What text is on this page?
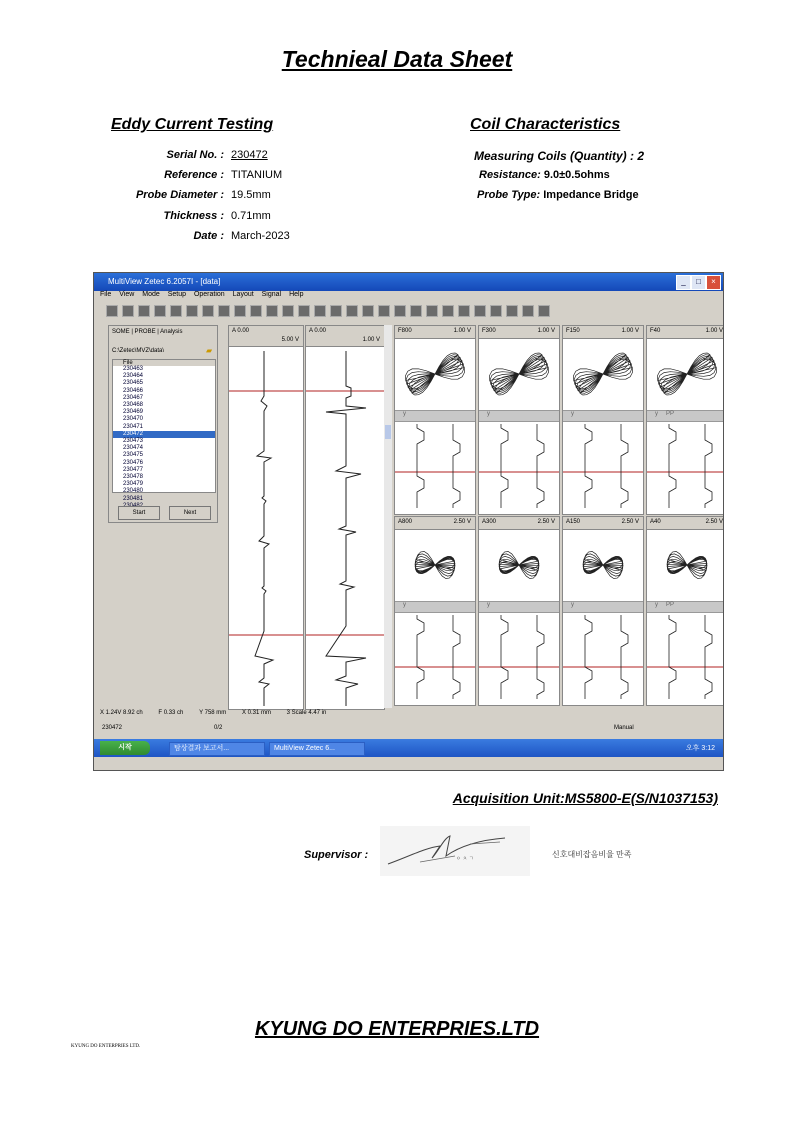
Technieal Data Sheet
Eddy Current Testing
Serial No. : 230472
Reference : TITANIUM
Probe Diameter : 19.5mm
Thickness : 0.71mm
Date : March-2023
Coil Characteristics
Measuring Coils (Quantity) : 2
Resistance: 9.0±0.5ohms
Probe Type: Impedance Bridge
MultiView Zetec 6.2057I - [data]	_	□	×
File View Mode Setup Operation Layout Signal Help
SOME | PROBE | Analysis
C:\Zetec\MVZ\data\	▰
File
230463
230464
230465
230466
230467
230468
230469
230470
230471
230472
230473
230474
230475
230476
230477
230478
230479
230480
230481
Start	Next
A 0.00
5.00 V
A 0.00
1.00 V
X 1.24V 8.92 ch	F 0.33 ch	Y 758 mm	X 0.31 mm	3 Scale 4.47 in
230472	0/2	Manual
시작	탐상결과 보고서...	MultiView Zetec 6...	오후 3:12
F800	1.00 V
y
F300	1.00 V
y
F150	1.00 V
y
F40	1.00 V
y PP
A800	2.50 V
y
A300	2.50 V
y
A150	2.50 V
y
A40	2.50 V
y PP
Acquisition Unit:MS5800-E(S/N1037153)
Supervisor :	ㅇ ㅊ ㄱ	신호대비잡음비율 만족
KYUNG DO ENTERPRIES.LTD
KYUNG DO ENTERPRIES LTD.
